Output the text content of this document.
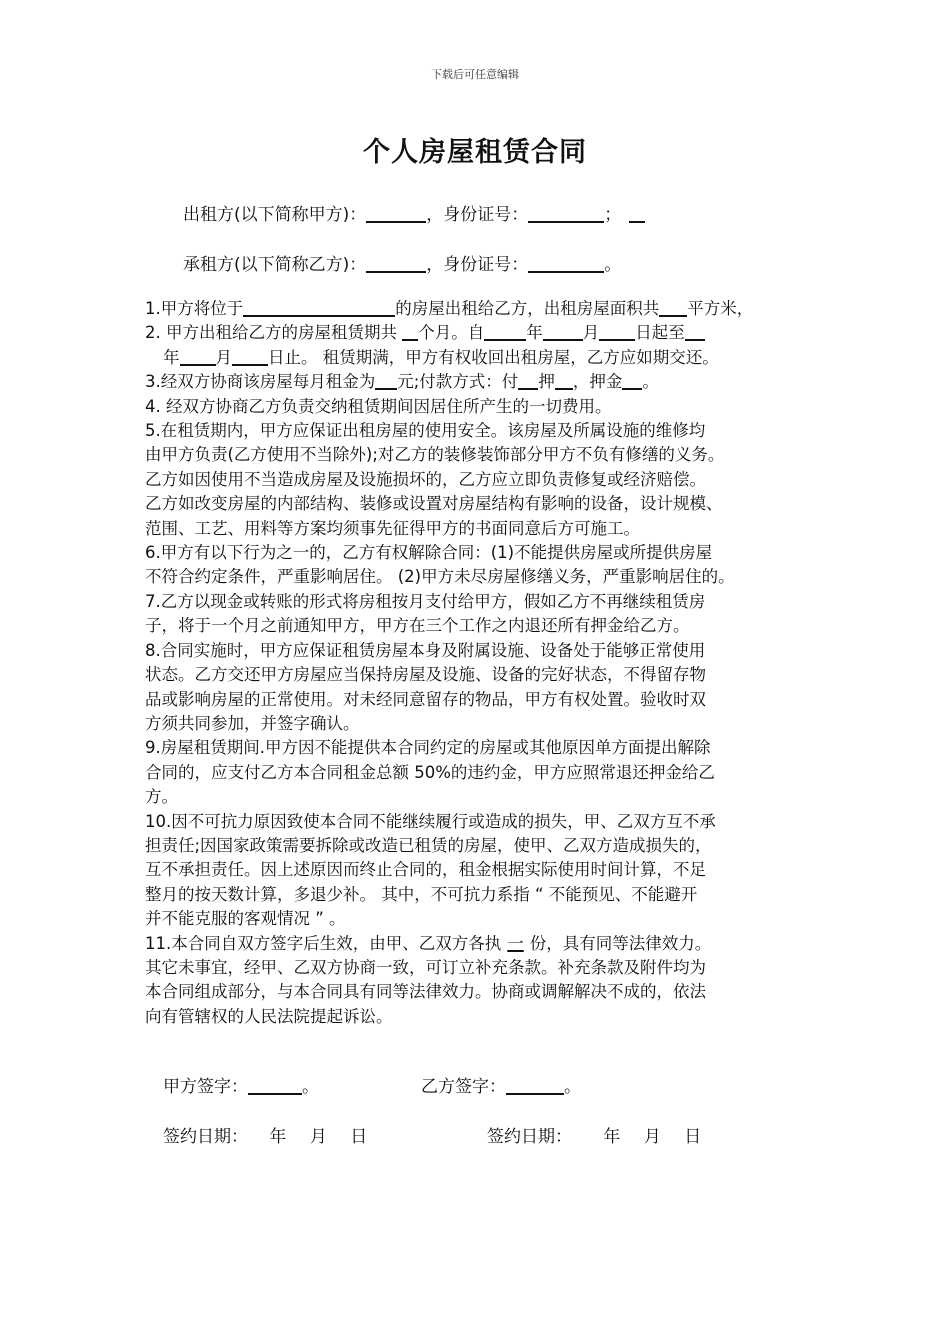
下载后可任意编辑
个人房屋租赁合同
出租方(以下简称甲方)：	，身份证号：	；
承租方(以下简称乙方)：	，身份证号：	。
1.甲方将位于	的房屋出租给乙方，出租房屋面积共 平方米，
2. 甲方出租给乙方的房屋租赁期共 个月。自	年 月 日起至
年 月 日止。 租赁期满，甲方有权收回出租房屋，乙方应如期交还。
3.经双方协商该房屋每月租金为 元;付款方式：付 押 ，押金 。
4. 经双方协商乙方负责交纳租赁期间因居住所产生的一切费用。
5.在租赁期内，甲方应保证出租房屋的使用安全。该房屋及所属设施的维修均
由甲方负责(乙方使用不当除外);对乙方的装修装饰部分甲方不负有修缮的义务。
乙方如因使用不当造成房屋及设施损坏的，乙方应立即负责修复或经济赔偿。
乙方如改变房屋的内部结构、装修或设置对房屋结构有影响的设备，设计规模、
范围、工艺、用料等方案均须事先征得甲方的书面同意后方可施工。
6.甲方有以下行为之一的，乙方有权解除合同：(1)不能提供房屋或所提供房屋
不符合约定条件，严重影响居住。 (2)甲方未尽房屋修缮义务，严重影响居住的。
7.乙方以现金或转账的形式将房租按月支付给甲方，假如乙方不再继续租赁房
子，将于一个月之前通知甲方，甲方在三个工作之内退还所有押金给乙方。
8.合同实施时，甲方应保证租赁房屋本身及附属设施、设备处于能够正常使用
状态。乙方交还甲方房屋应当保持房屋及设施、设备的完好状态，不得留存物
品或影响房屋的正常使用。对未经同意留存的物品，甲方有权处置。验收时双
方须共同参加，并签字确认。
9.房屋租赁期间.甲方因不能提供本合同约定的房屋或其他原因单方面提出解除
合同的，应支付乙方本合同租金总额 50%的违约金，甲方应照常退还押金给乙
方。
10.因不可抗力原因致使本合同不能继续履行或造成的损失，甲、乙双方互不承
担责任;因国家政策需要拆除或改造已租赁的房屋，使甲、乙双方造成损失的，
互不承担责任。因上述原因而终止合同的，租金根据实际使用时间计算，不足
整月的按天数计算，多退少补。 其中，不可抗力系指 “ 不能预见、不能避开
并不能克服的客观情况 ” 。
11.本合同自双方签字后生效，由甲、乙双方各执 一 份，具有同等法律效力。
其它未事宜，经甲、乙双方协商一致，可订立补充条款。补充条款及附件均为
本合同组成部分，与本合同具有同等法律效力。协商或调解解决不成的，依法
向有管辖权的人民法院提起诉讼。
甲方签字：	。	乙方签字：	。
签约日期： 年 月 日	签约日期： 年 月 日
